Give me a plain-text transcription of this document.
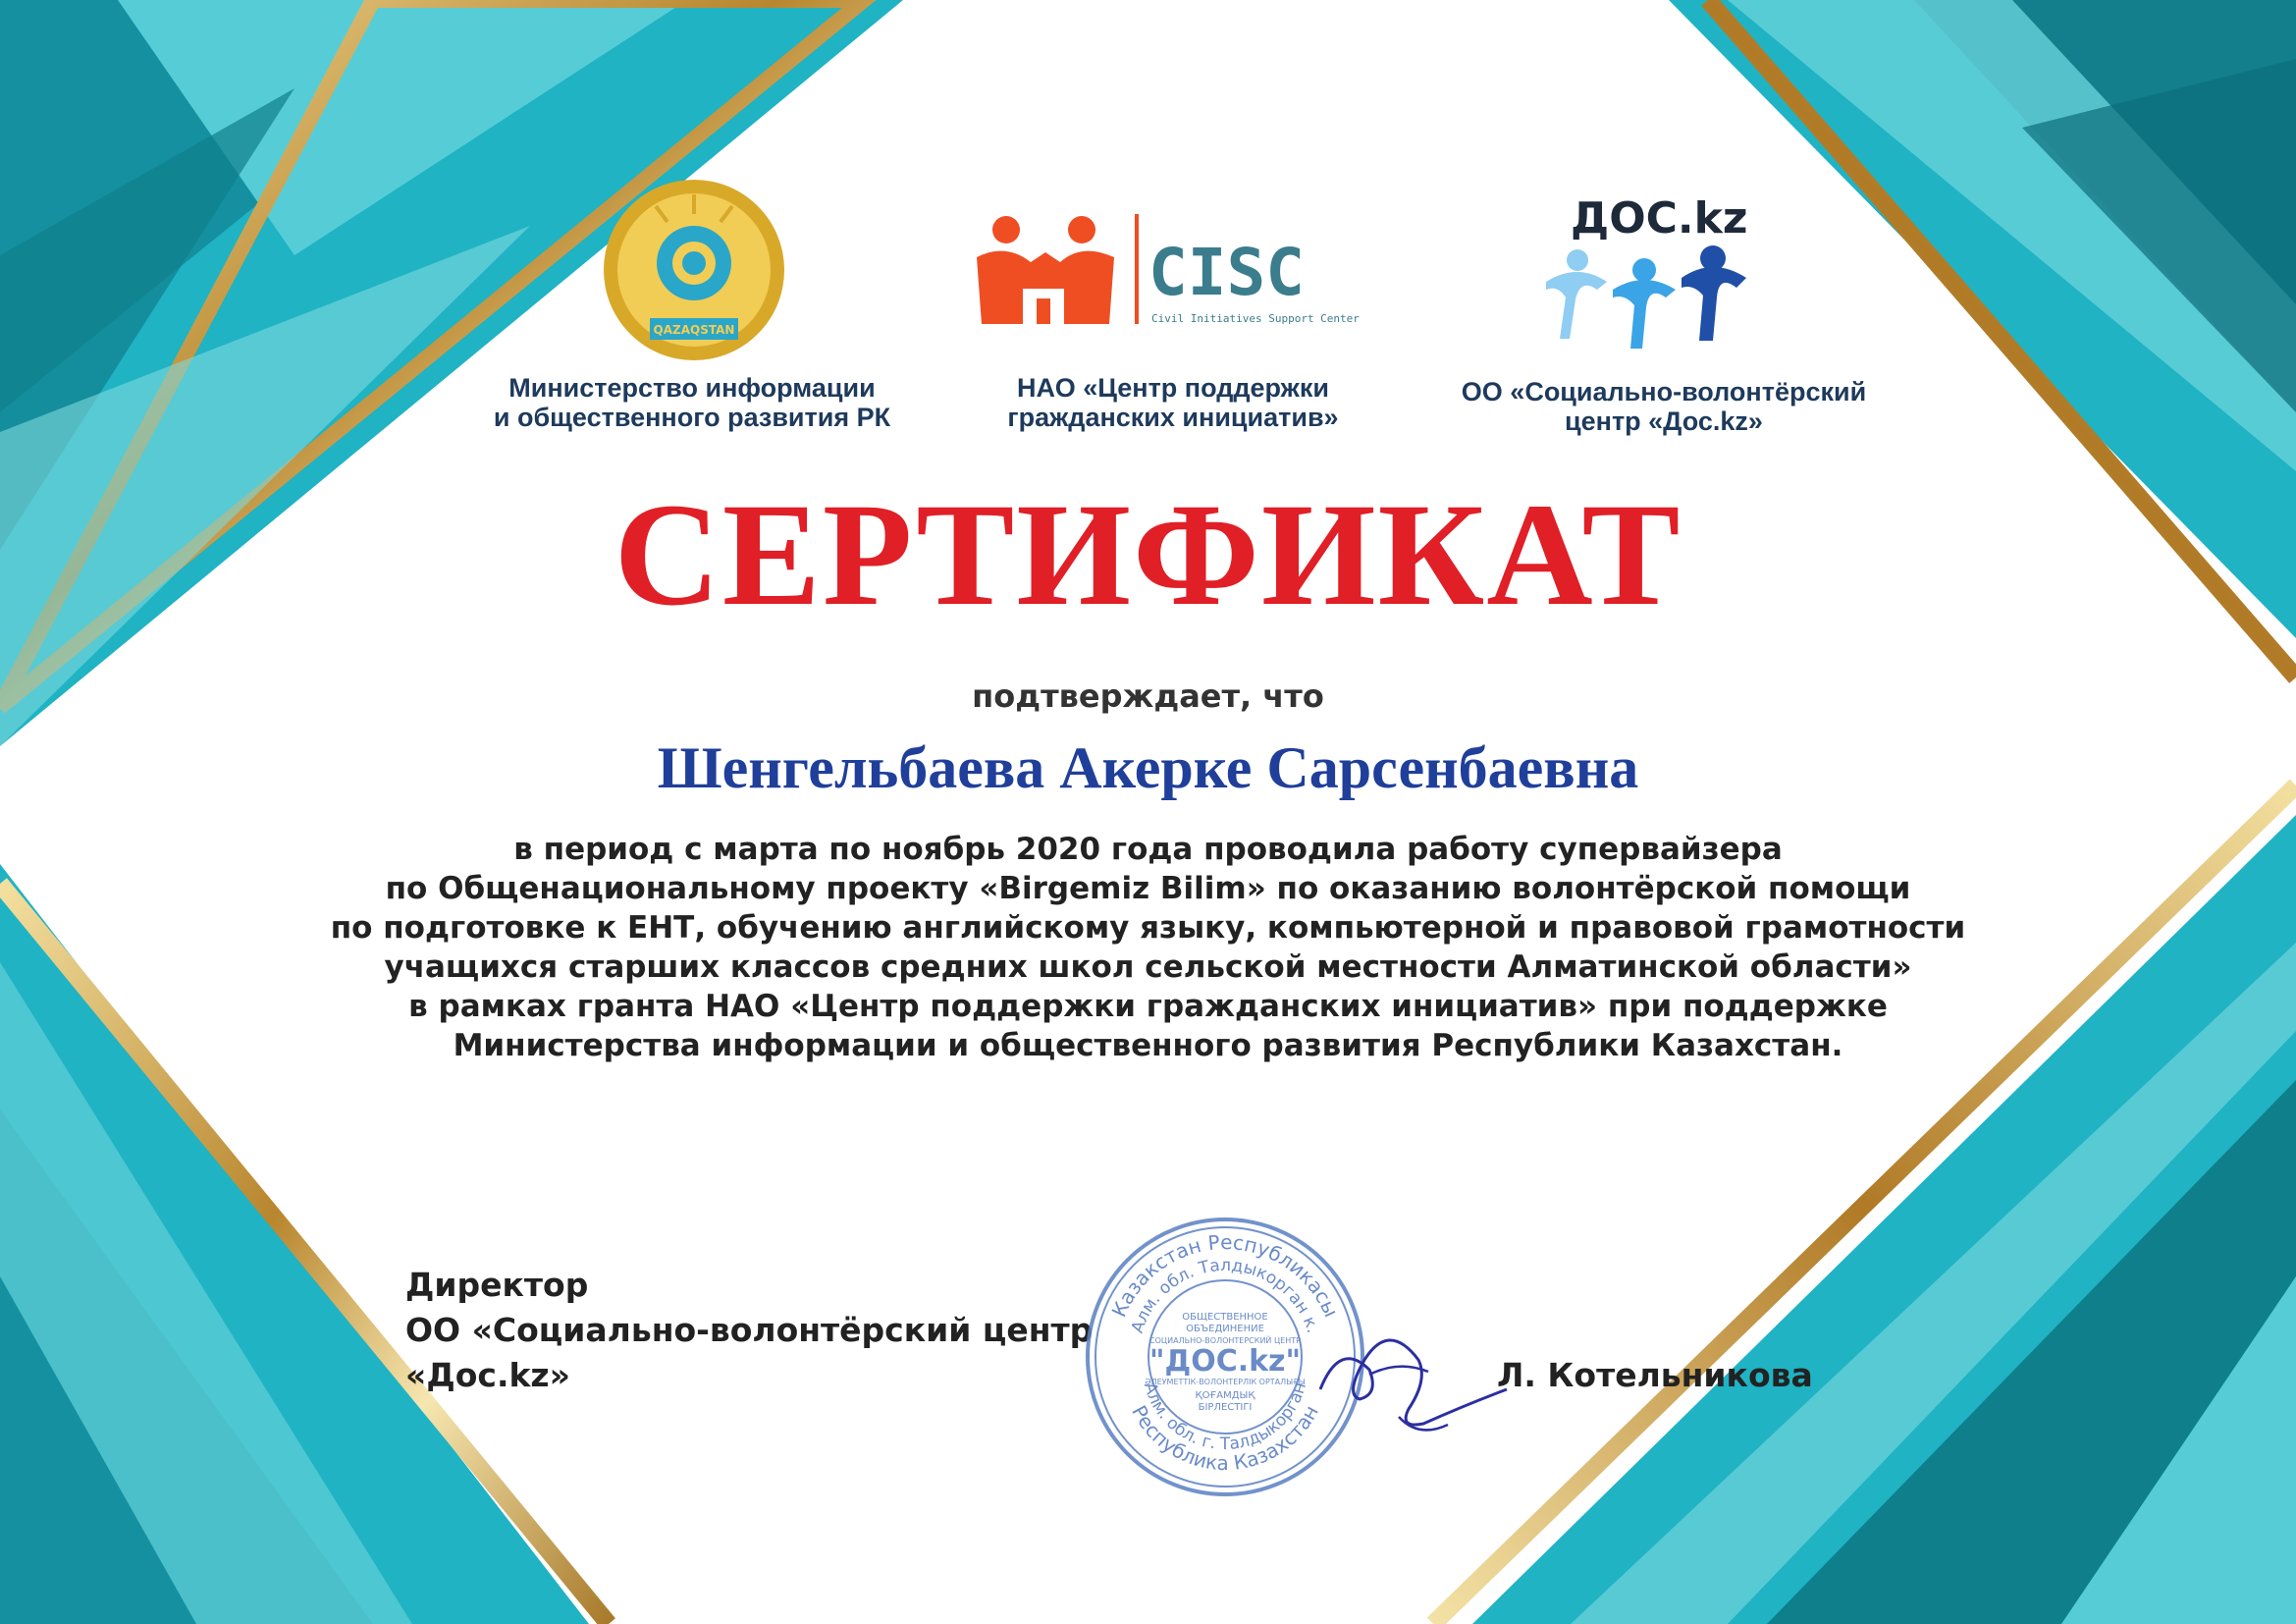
QAZAQSTAN
CISC
Civil Initiatives Support Center
ДОС.kz
Министерство информации
и общественного развития РК
НАО «Центр поддержки
гражданских инициатив»
ОО «Социально-волонтёрский
центр «Дос.kz»
СЕРТИФИКАТ
подтверждает, что
Шенгельбаева Акерке Сарсенбаевна
в период с марта по ноябрь 2020 года проводила работу супервайзера
по Общенациональному проекту «Birgemiz Bilim» по оказанию волонтёрской помощи
по подготовке к ЕНТ, обучению английскому языку, компьютерной и правовой грамотности
учащихся старших классов средних школ сельской местности Алматинской области»
в рамках гранта НАО «Центр поддержки гражданских инициатив» при поддержке
Министерства информации и общественного развития Республики Казахстан.
Директор
ОО «Социально-волонтёрский центр
«Дос.kz»
Казакстан Республикасы
Алм. обл. Талдыкорган к.
Алм. обл. г. Талдыкорган
Республика Казахстан
ОБЩЕСТВЕННОЕ
ОБЪЕДИНЕНИЕ
СОЦИАЛЬНО-ВОЛОНТЕРСКИЙ ЦЕНТР
"ДОС.kz"
ӘЛЕУМЕТТІК-ВОЛОНТЕРЛІК ОРТАЛЫҒЫ
ҚОҒАМДЫҚ
БІРЛЕСТІГІ
Л. Котельникова
